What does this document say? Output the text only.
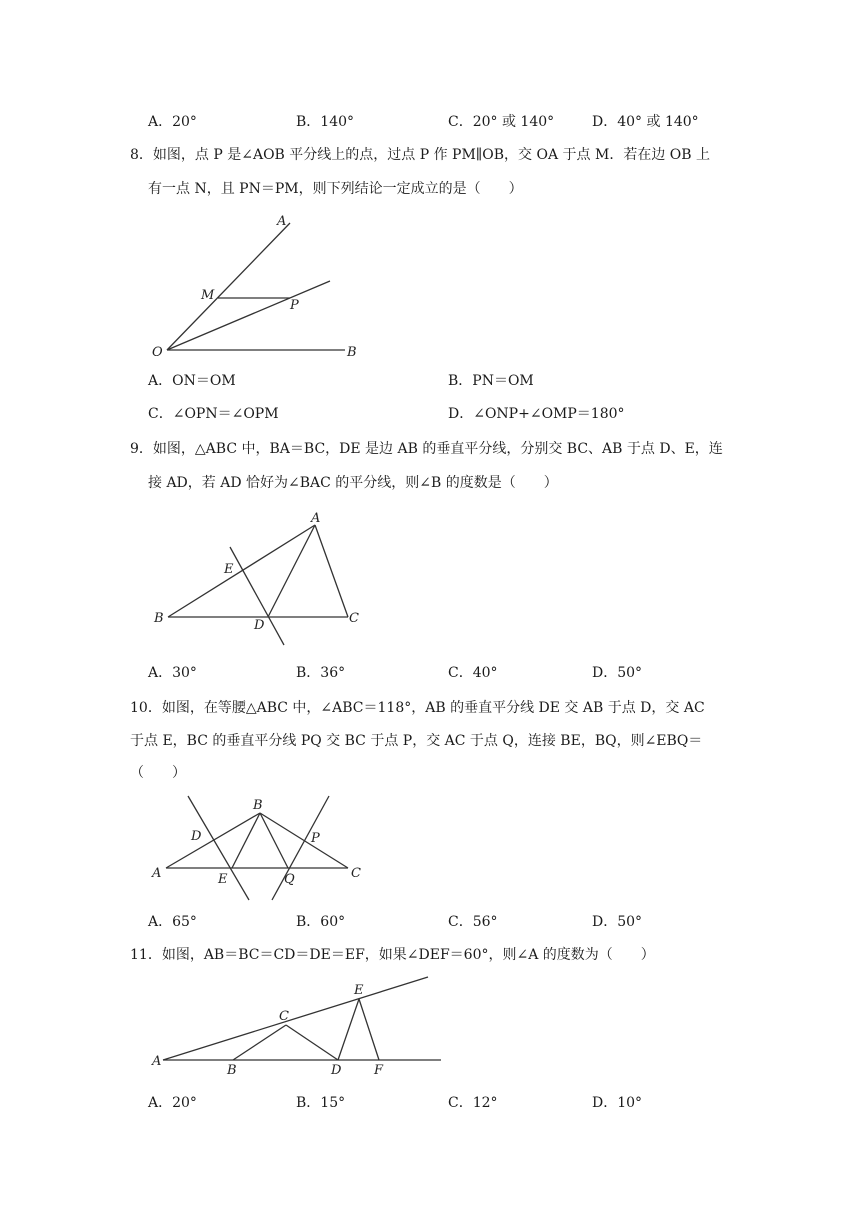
A．20°	B．140°	C．20° 或 140°	D．40° 或 140°
8．如图，点 P 是∠AOB 平分线上的点，过点 P 作 PM∥OB，交 OA 于点 M．若在边 OB 上
有一点 N，且 PN＝PM，则下列结论一定成立的是（　　）
A
M
P
O	B
A．ON＝OM	B．PN＝OM
C．∠OPN＝∠OPM	D．∠ONP+∠OMP＝180°
9．如图，△ABC 中，BA＝BC，DE 是边 AB 的垂直平分线，分别交 BC、AB 于点 D、E，连
接 AD，若 AD 恰好为∠BAC 的平分线，则∠B 的度数是（　　）
A
E
B	D	C
A．30°	B．36°	C．40°	D．50°
10．如图，在等腰△ABC 中，∠ABC＝118°，AB 的垂直平分线 DE 交 AB 于点 D，交 AC
于点 E，BC 的垂直平分线 PQ 交 BC 于点 P，交 AC 于点 Q，连接 BE，BQ，则∠EBQ＝
（　　）
B
D	P
A	E	Q	C
A．65°	B．60°	C．56°	D．50°
11．如图，AB＝BC＝CD＝DE＝EF，如果∠DEF＝60°，则∠A 的度数为（　　）
E
C
A
B	D	F
A．20°	B．15°	C．12°	D．10°
